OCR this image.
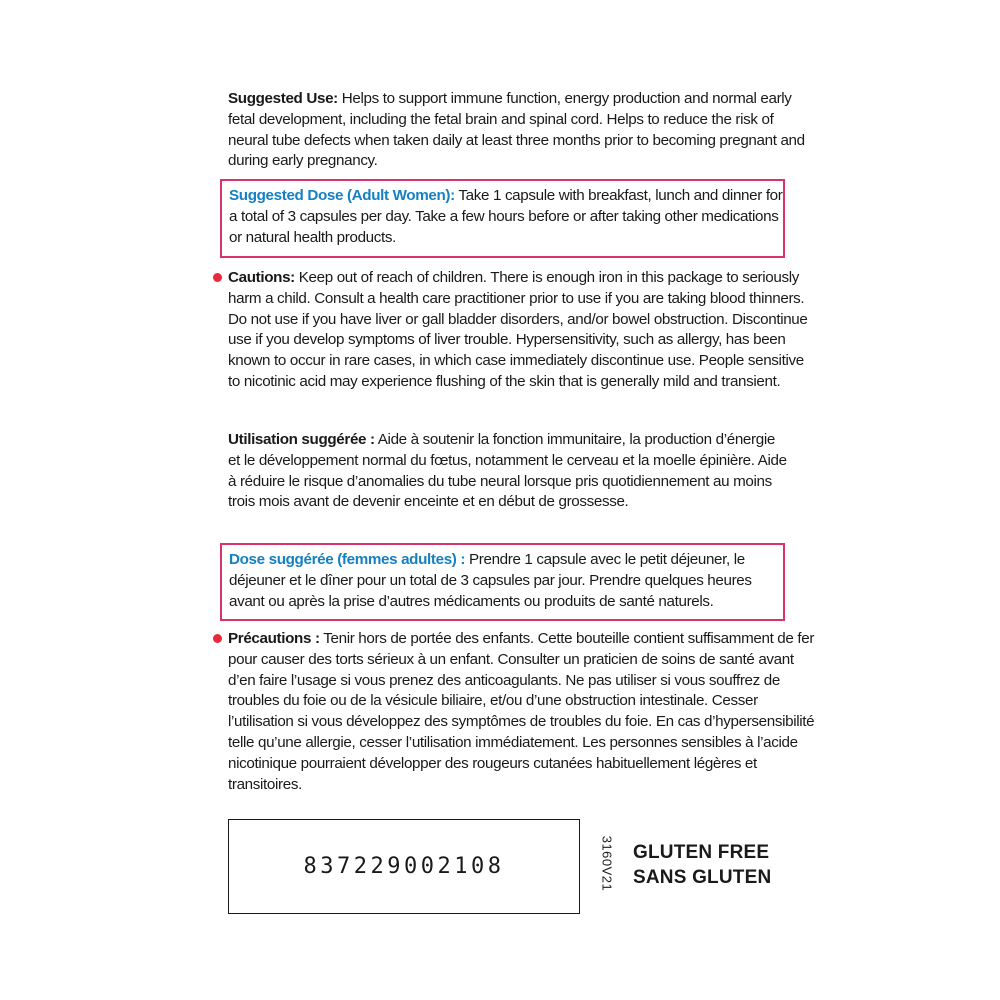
Suggested Use: Helps to support immune function, energy production and normal early fetal development, including the fetal brain and spinal cord. Helps to reduce the risk of neural tube defects when taken daily at least three months prior to becoming pregnant and during early pregnancy.
Suggested Dose (Adult Women): Take 1 capsule with breakfast, lunch and dinner for a total of 3 capsules per day. Take a few hours before or after taking other medications or natural health products.
Cautions: Keep out of reach of children. There is enough iron in this package to seriously harm a child. Consult a health care practitioner prior to use if you are taking blood thinners. Do not use if you have liver or gall bladder disorders, and/or bowel obstruction. Discontinue use if you develop symptoms of liver trouble. Hypersensitivity, such as allergy, has been known to occur in rare cases, in which case immediately discontinue use. People sensitive to nicotinic acid may experience flushing of the skin that is generally mild and transient.
Utilisation suggérée : Aide à soutenir la fonction immunitaire, la production d’énergie et le développement normal du fœtus, notamment le cerveau et la moelle épinière. Aide à réduire le risque d’anomalies du tube neural lorsque pris quotidiennement au moins trois mois avant de devenir enceinte et en début de grossesse.
Dose suggérée (femmes adultes) : Prendre 1 capsule avec le petit déjeuner, le déjeuner et le dîner pour un total de 3 capsules par jour. Prendre quelques heures avant ou après la prise d’autres médicaments ou produits de santé naturels.
Précautions : Tenir hors de portée des enfants. Cette bouteille contient suffisamment de fer pour causer des torts sérieux à un enfant. Consulter un praticien de soins de santé avant d’en faire l’usage si vous prenez des anticoagulants. Ne pas utiliser si vous souffrez de troubles du foie ou de la vésicule biliaire, et/ou d’une obstruction intestinale. Cesser l’utilisation si vous développez des symptômes de troubles du foie. En cas d’hypersensibilité telle qu’une allergie, cesser l’utilisation immédiatement. Les personnes sensibles à l’acide nicotinique pourraient développer des rougeurs cutanées habituellement légères et transitoires.
837229002108	3160V21 GLUTEN FREE
SANS GLUTEN
